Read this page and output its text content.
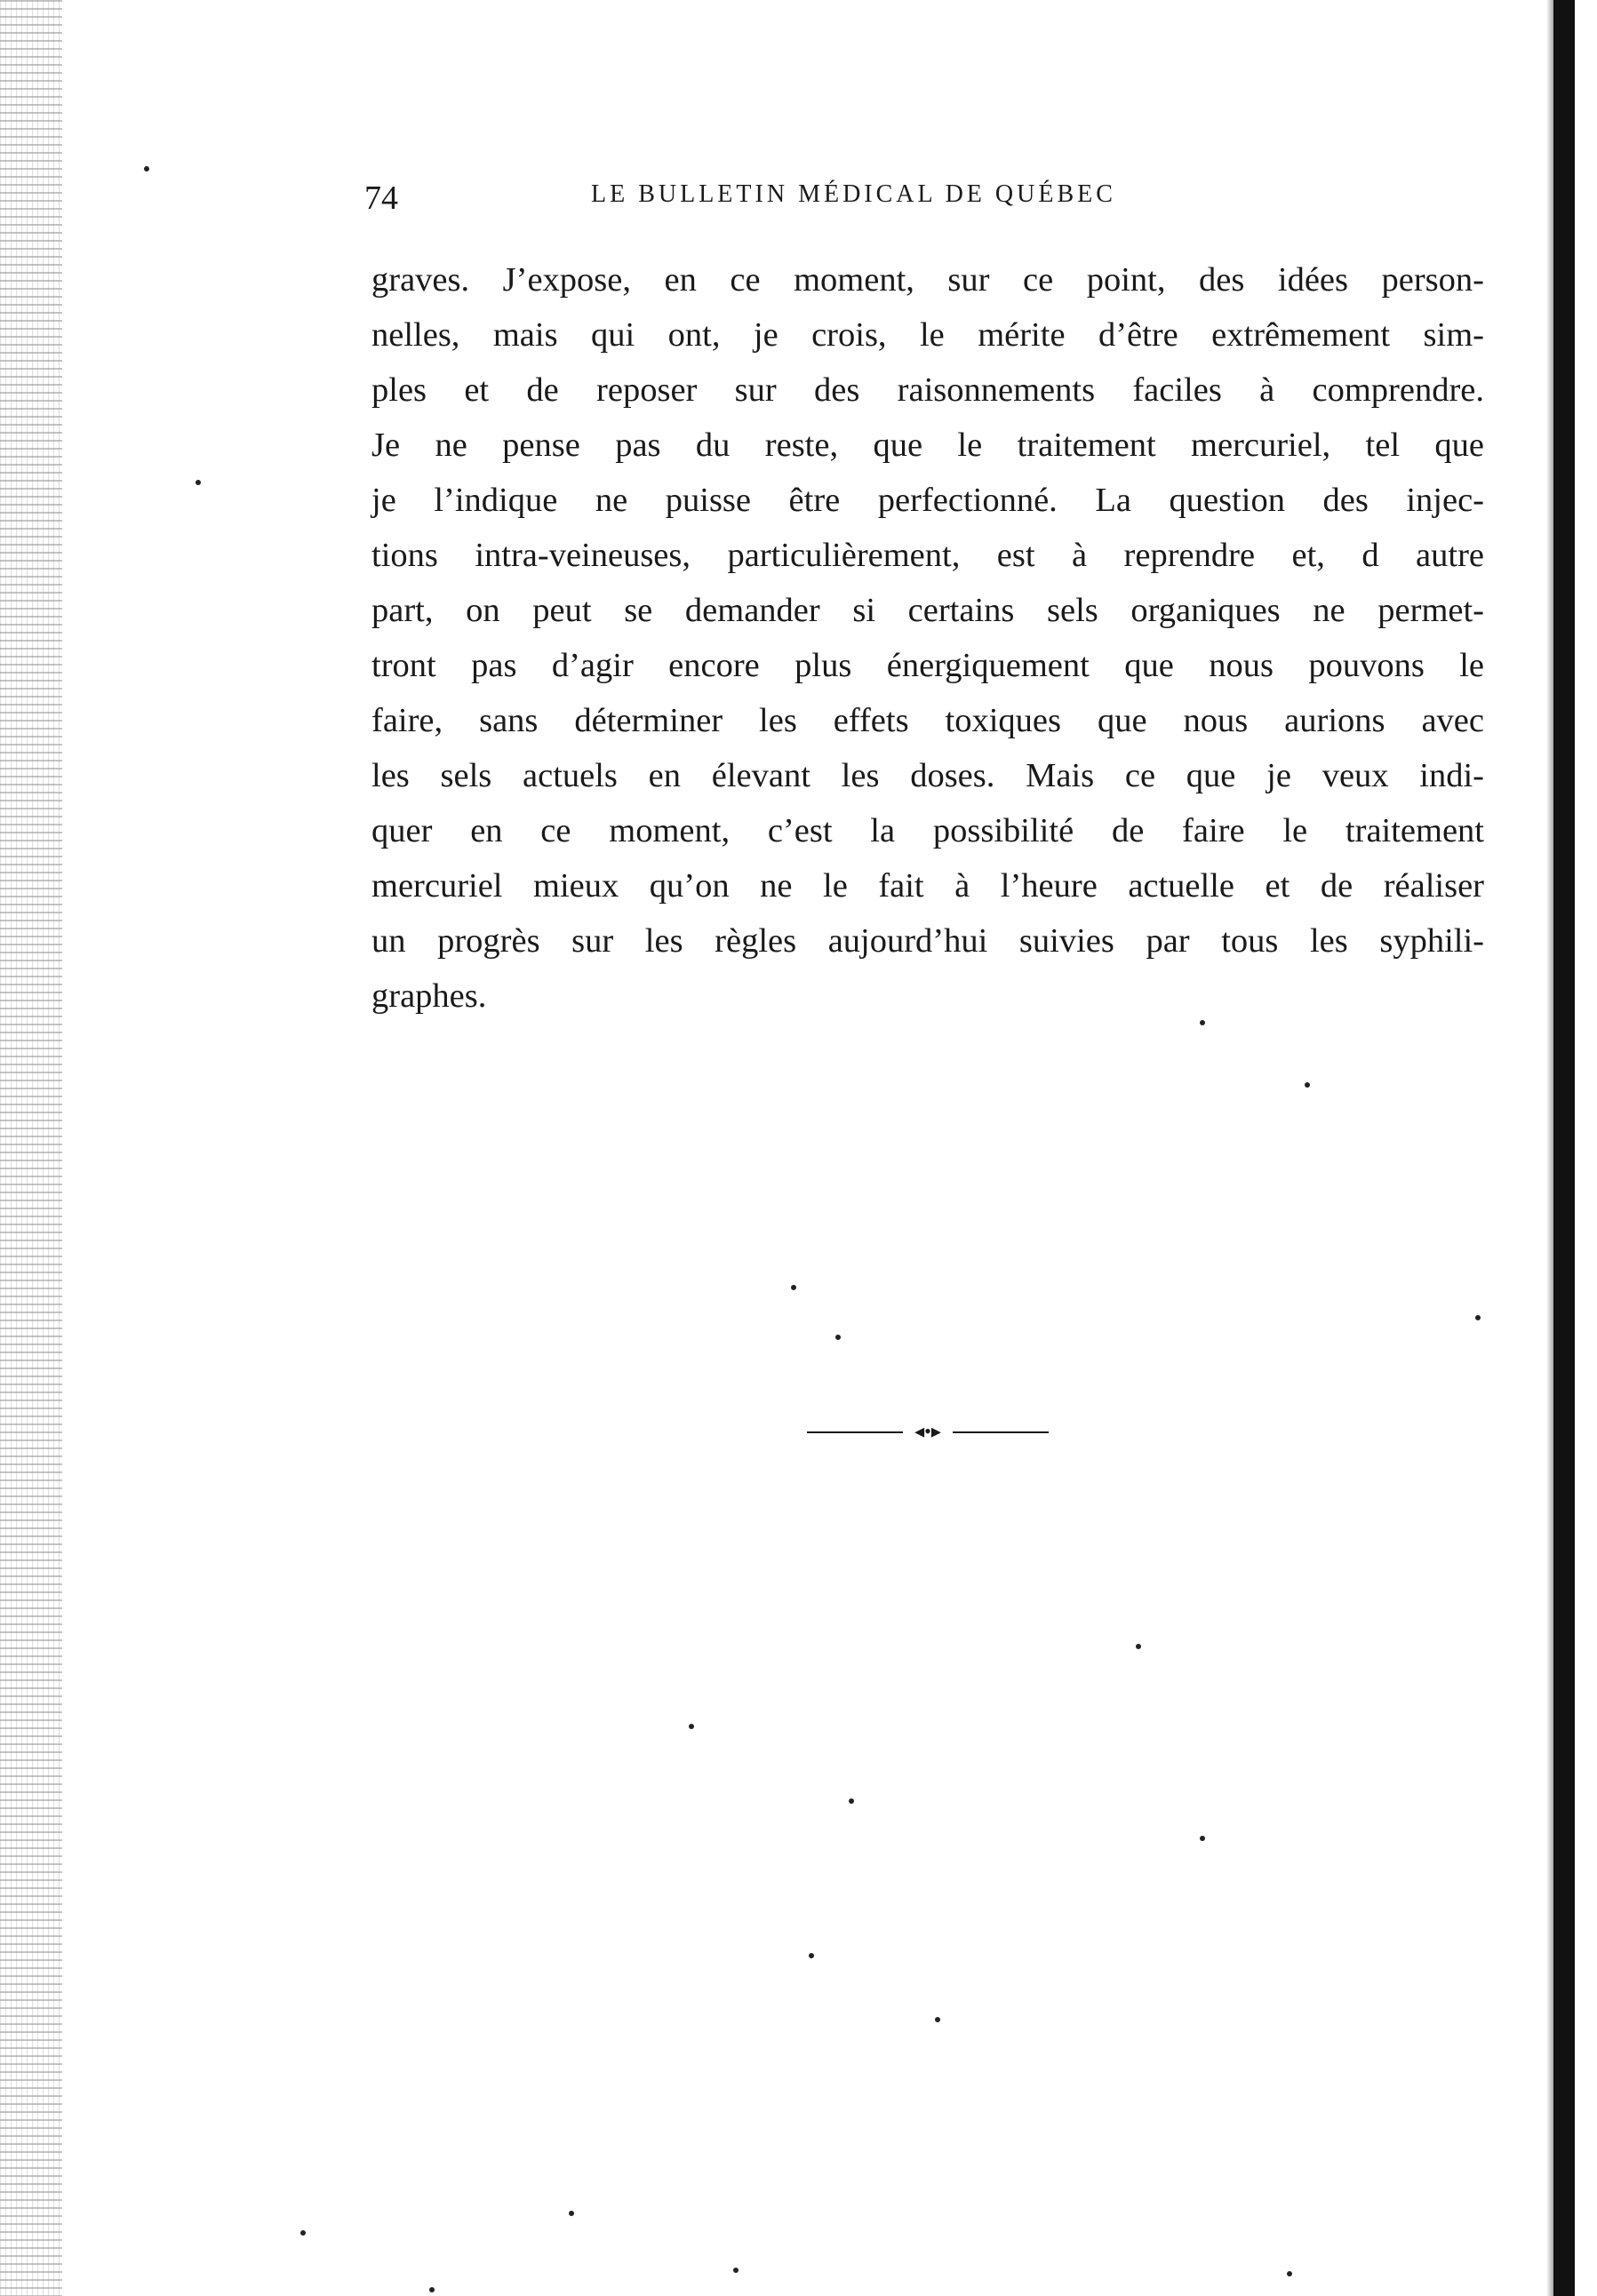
74	LE BULLETIN MÉDICAL DE QUÉBEC

graves. J’expose, en ce moment, sur ce point, des idées person-
nelles, mais qui ont, je crois, le mérite d’être extrêmement sim-
ples et de reposer sur des raisonnements faciles à comprendre.
Je ne pense pas du reste, que le traitement mercuriel, tel que
je l’indique ne puisse être perfectionné. La question des injec-
tions intra-veineuses, particulièrement, est à reprendre et, d autre
part, on peut se demander si certains sels organiques ne permet-
tront pas d’agir encore plus énergiquement que nous pouvons le
faire, sans déterminer les effets toxiques que nous aurions avec
les sels actuels en élevant les doses. Mais ce que je veux indi-
quer en ce moment, c’est la possibilité de faire le traitement
mercuriel mieux qu’on ne le fait à l’heure actuelle et de réaliser
un progrès sur les règles aujourd’hui suivies par tous les syphili-
graphes.

◂•▸
